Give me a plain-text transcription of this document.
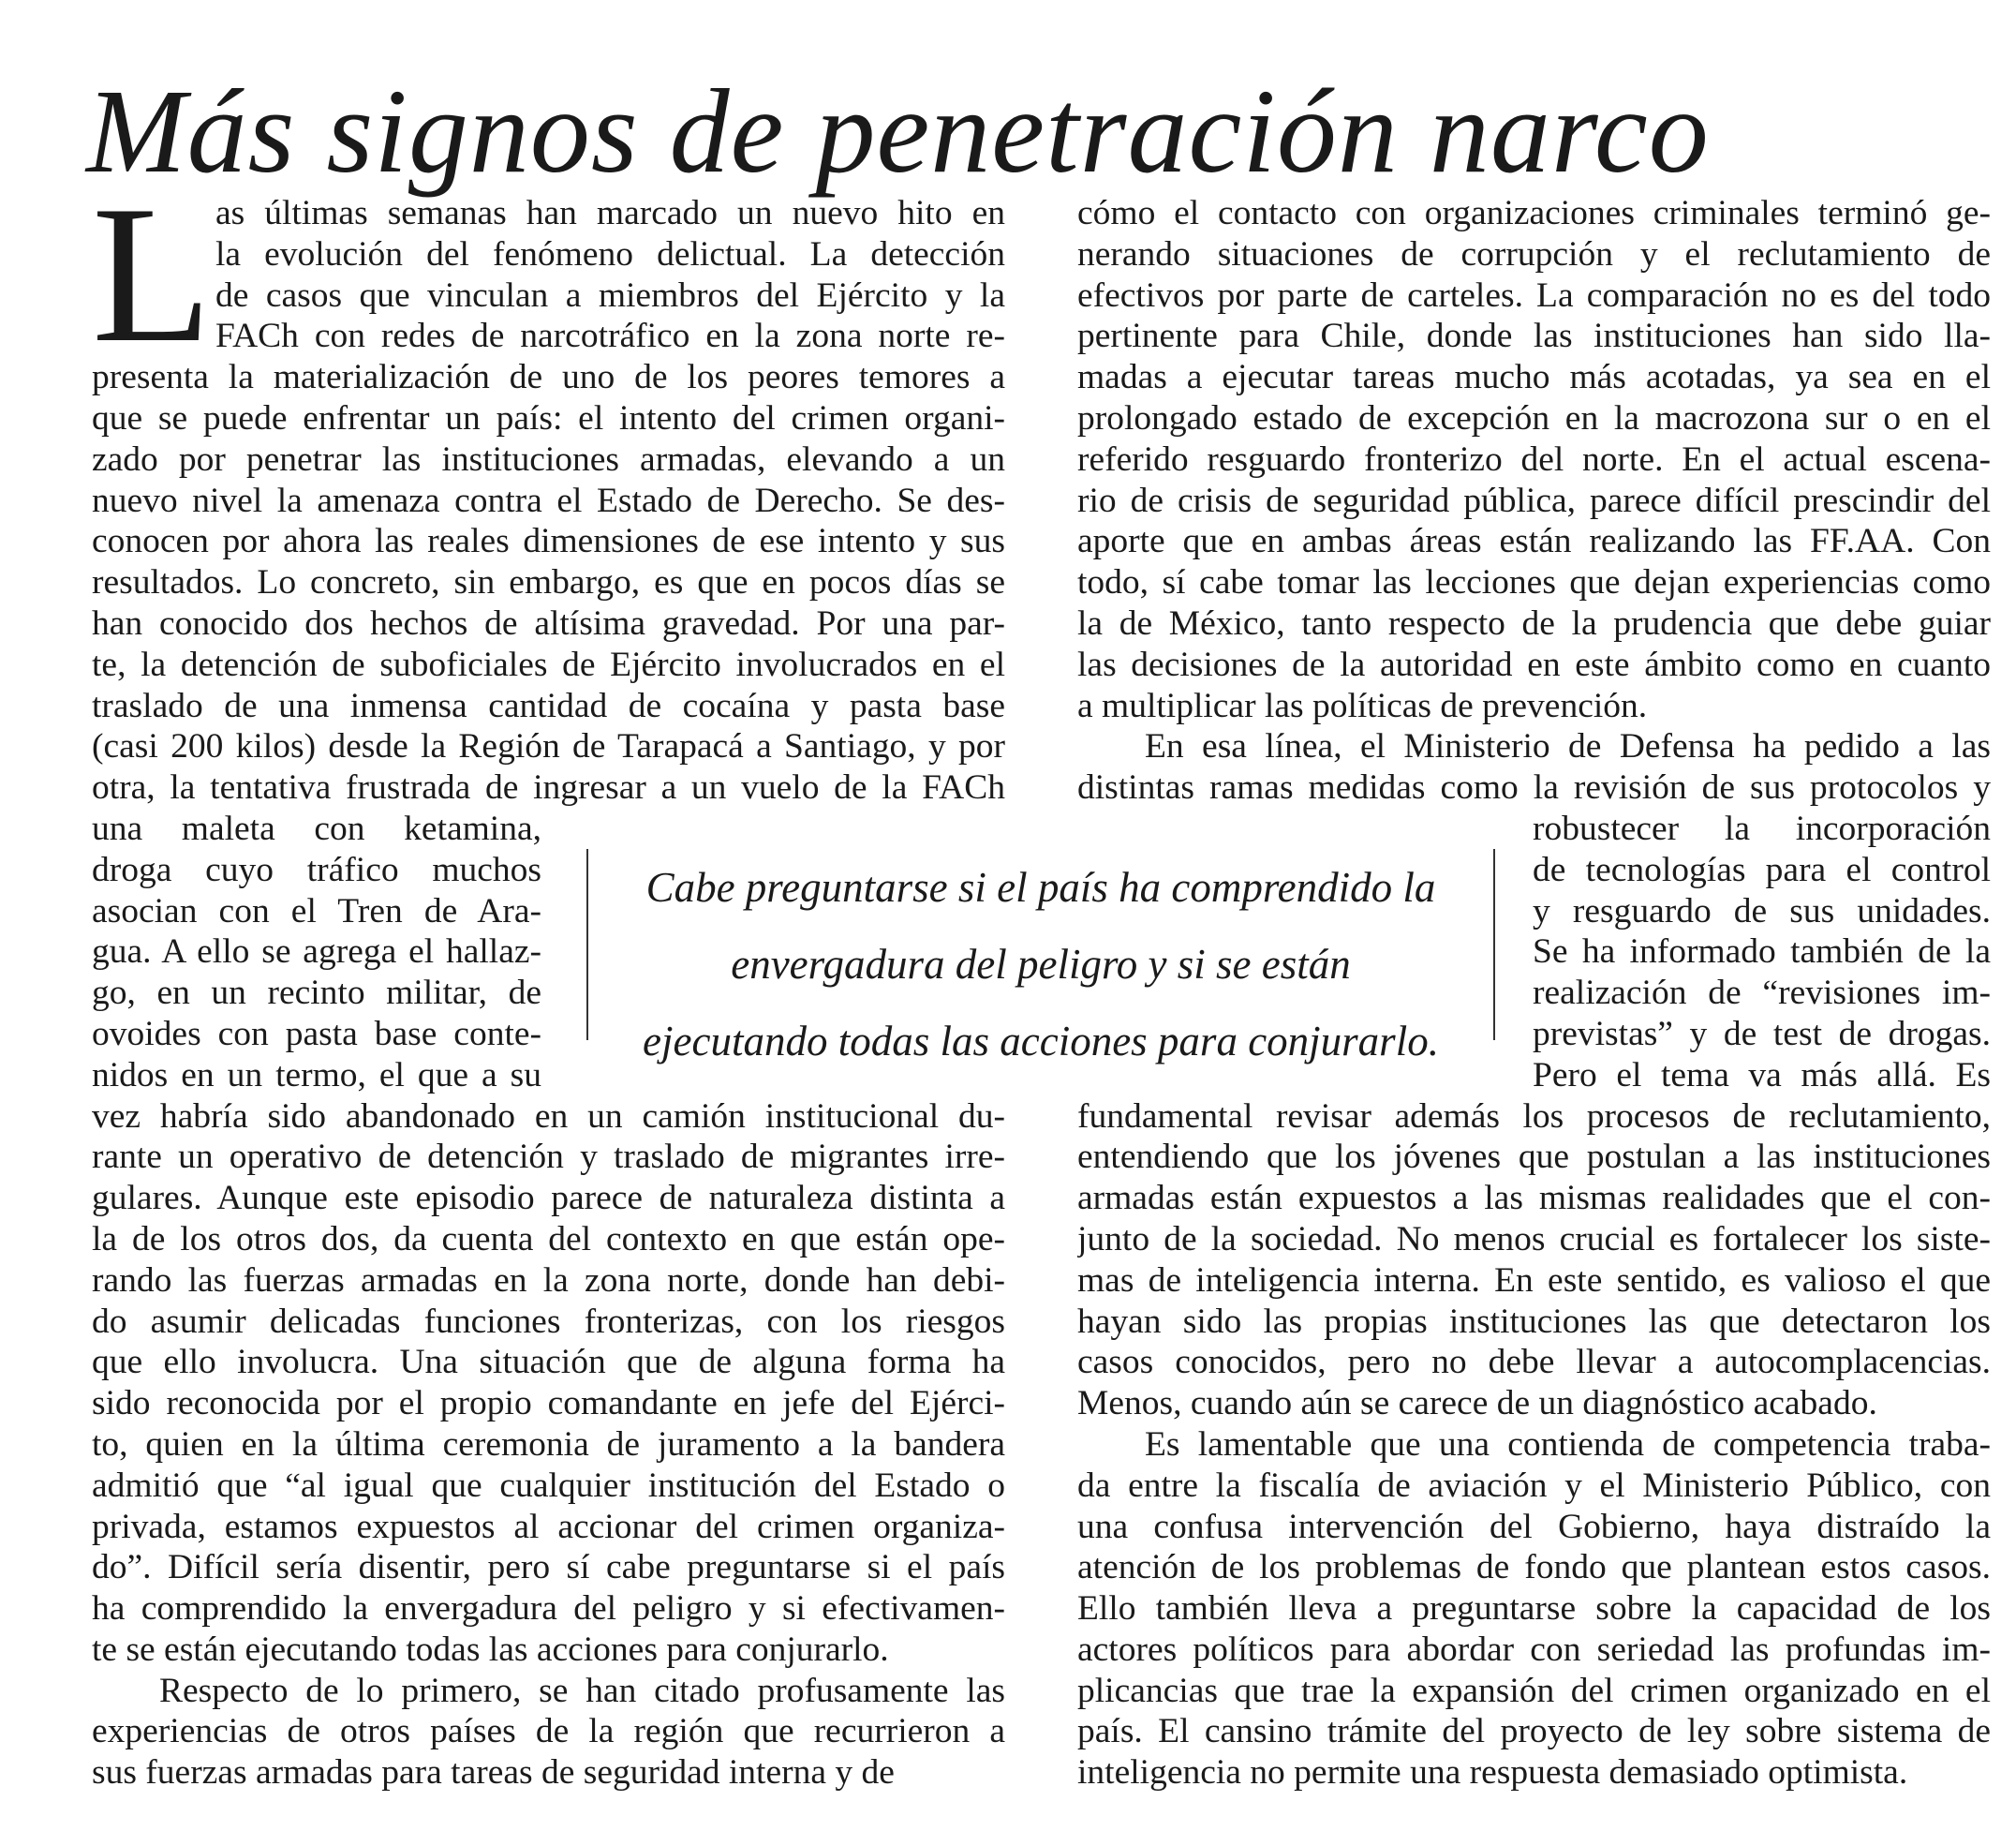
Más signos de penetración narco
L as últimas semanas han marcado un nuevo hito en
la evolución del fenómeno delictual. La detección
de casos que vinculan a miembros del Ejército y la
FACh con redes de narcotráfico en la zona norte re-
presenta la materialización de uno de los peores temores a
que se puede enfrentar un país: el intento del crimen organi-
zado por penetrar las instituciones armadas, elevando a un
nuevo nivel la amenaza contra el Estado de Derecho. Se des-
conocen por ahora las reales dimensiones de ese intento y sus
resultados. Lo concreto, sin embargo, es que en pocos días se
han conocido dos hechos de altísima gravedad. Por una par-
te, la detención de suboficiales de Ejército involucrados en el
traslado de una inmensa cantidad de cocaína y pasta base
(casi 200 kilos) desde la Región de Tarapacá a Santiago, y por
otra, la tentativa frustrada de ingresar a un vuelo de la FACh
una maleta con ketamina,
droga cuyo tráfico muchos
asocian con el Tren de Ara-
gua. A ello se agrega el hallaz-
go, en un recinto militar, de
ovoides con pasta base conte-
nidos en un termo, el que a su
vez habría sido abandonado en un camión institucional du-
rante un operativo de detención y traslado de migrantes irre-
gulares. Aunque este episodio parece de naturaleza distinta a
la de los otros dos, da cuenta del contexto en que están ope-
rando las fuerzas armadas en la zona norte, donde han debi-
do asumir delicadas funciones fronterizas, con los riesgos
que ello involucra. Una situación que de alguna forma ha
sido reconocida por el propio comandante en jefe del Ejérci-
to, quien en la última ceremonia de juramento a la bandera
admitió que “al igual que cualquier institución del Estado o
privada, estamos expuestos al accionar del crimen organiza-
do”. Difícil sería disentir, pero sí cabe preguntarse si el país
ha comprendido la envergadura del peligro y si efectivamen-
te se están ejecutando todas las acciones para conjurarlo.
Respecto de lo primero, se han citado profusamente las
experiencias de otros países de la región que recurrieron a
sus fuerzas armadas para tareas de seguridad interna y de
cómo el contacto con organizaciones criminales terminó ge-
nerando situaciones de corrupción y el reclutamiento de
efectivos por parte de carteles. La comparación no es del todo
pertinente para Chile, donde las instituciones han sido lla-
madas a ejecutar tareas mucho más acotadas, ya sea en el
prolongado estado de excepción en la macrozona sur o en el
referido resguardo fronterizo del norte. En el actual escena-
rio de crisis de seguridad pública, parece difícil prescindir del
aporte que en ambas áreas están realizando las FF.AA. Con
todo, sí cabe tomar las lecciones que dejan experiencias como
la de México, tanto respecto de la prudencia que debe guiar
las decisiones de la autoridad en este ámbito como en cuanto
a multiplicar las políticas de prevención.
En esa línea, el Ministerio de Defensa ha pedido a las
distintas ramas medidas como la revisión de sus protocolos y
robustecer la incorporación
de tecnologías para el control
y resguardo de sus unidades.
Se ha informado también de la
realización de “revisiones im-
previstas” y de test de drogas.
Pero el tema va más allá. Es
fundamental revisar además los procesos de reclutamiento,
entendiendo que los jóvenes que postulan a las instituciones
armadas están expuestos a las mismas realidades que el con-
junto de la sociedad. No menos crucial es fortalecer los siste-
mas de inteligencia interna. En este sentido, es valioso el que
hayan sido las propias instituciones las que detectaron los
casos conocidos, pero no debe llevar a autocomplacencias.
Menos, cuando aún se carece de un diagnóstico acabado.
Es lamentable que una contienda de competencia traba-
da entre la fiscalía de aviación y el Ministerio Público, con
una confusa intervención del Gobierno, haya distraído la
atención de los problemas de fondo que plantean estos casos.
Ello también lleva a preguntarse sobre la capacidad de los
actores políticos para abordar con seriedad las profundas im-
plicancias que trae la expansión del crimen organizado en el
país. El cansino trámite del proyecto de ley sobre sistema de
inteligencia no permite una respuesta demasiado optimista.
Cabe preguntarse si el país ha comprendido la
envergadura del peligro y si se están
ejecutando todas las acciones para conjurarlo.
